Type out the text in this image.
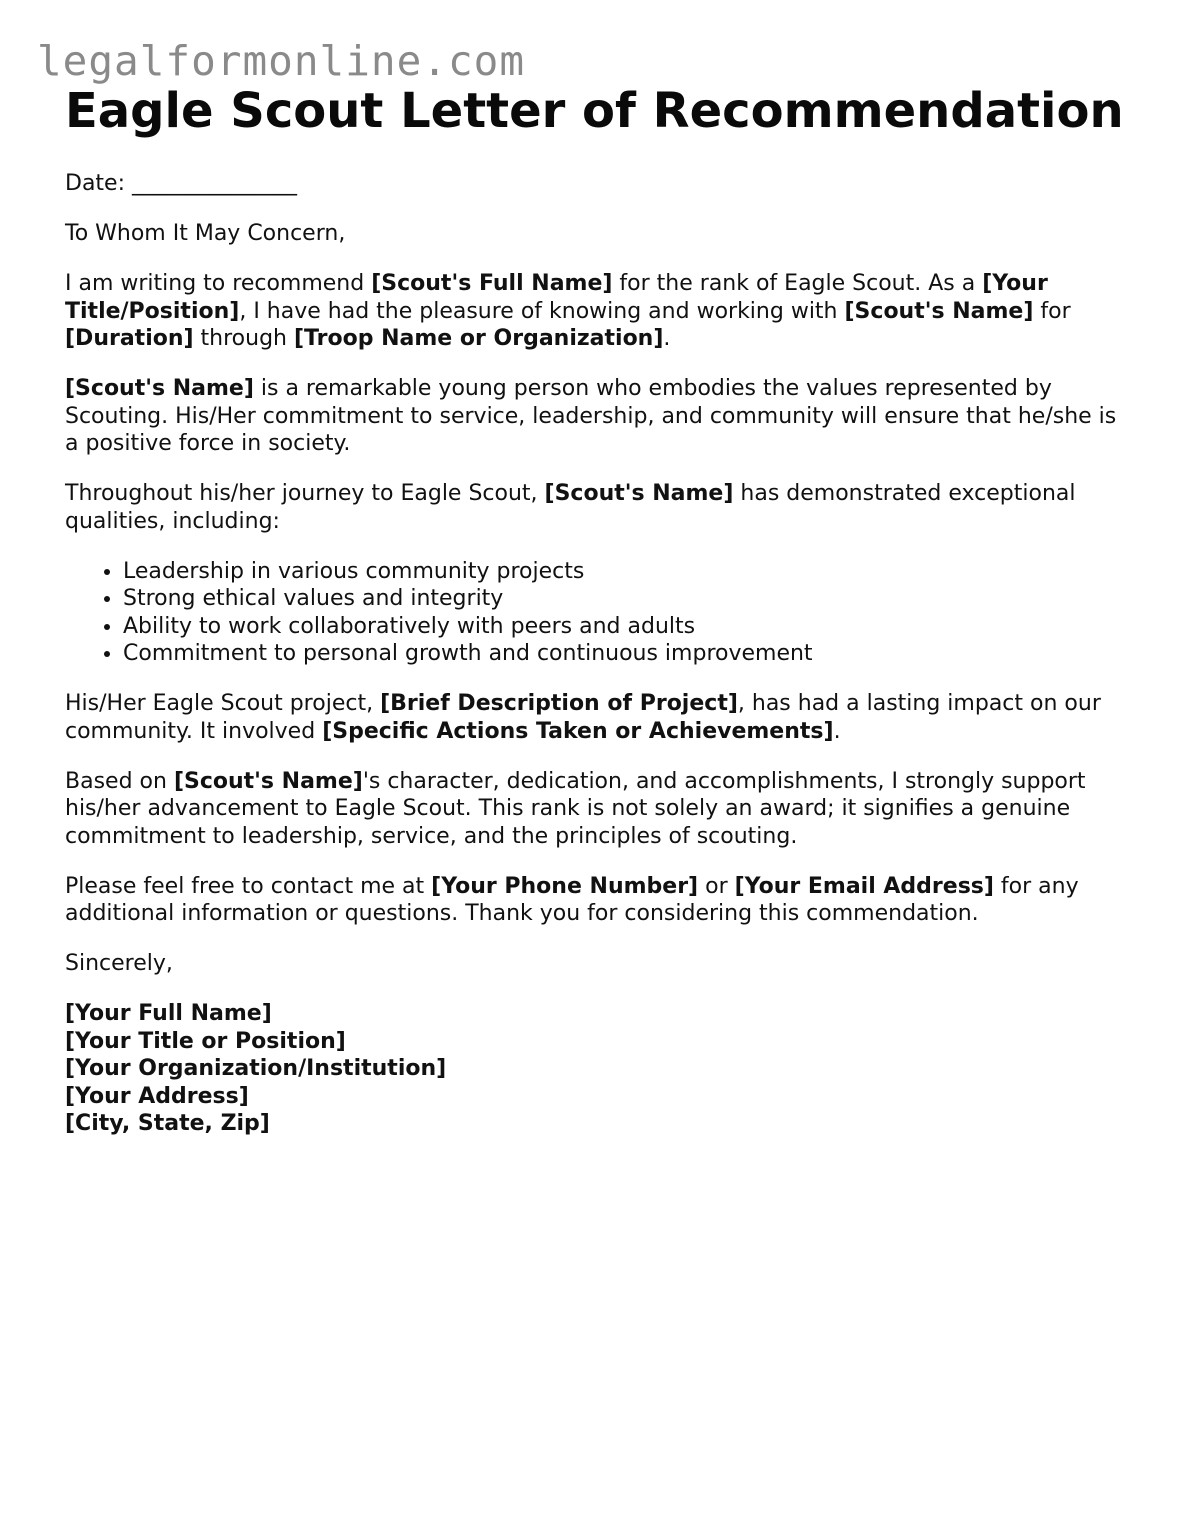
legalformonline.com
Eagle Scout Letter of Recommendation

Date: _______________

To Whom It May Concern,

I am writing to recommend [Scout's Full Name] for the rank of Eagle Scout. As a [Your Title/Position], I have had the pleasure of knowing and working with [Scout's Name] for [Duration] through [Troop Name or Organization].

[Scout's Name] is a remarkable young person who embodies the values represented by Scouting. His/Her commitment to service, leadership, and community will ensure that he/she is a positive force in society.

Throughout his/her journey to Eagle Scout, [Scout's Name] has demonstrated exceptional qualities, including:

• Leadership in various community projects
• Strong ethical values and integrity
• Ability to work collaboratively with peers and adults
• Commitment to personal growth and continuous improvement

His/Her Eagle Scout project, [Brief Description of Project], has had a lasting impact on our community. It involved [Specific Actions Taken or Achievements].

Based on [Scout's Name]'s character, dedication, and accomplishments, I strongly support his/her advancement to Eagle Scout. This rank is not solely an award; it signifies a genuine commitment to leadership, service, and the principles of scouting.

Please feel free to contact me at [Your Phone Number] or [Your Email Address] for any additional information or questions. Thank you for considering this commendation.

Sincerely,

[Your Full Name]

[Your Title or Position]

[Your Organization/Institution]

[Your Address]

[City, State, Zip]
